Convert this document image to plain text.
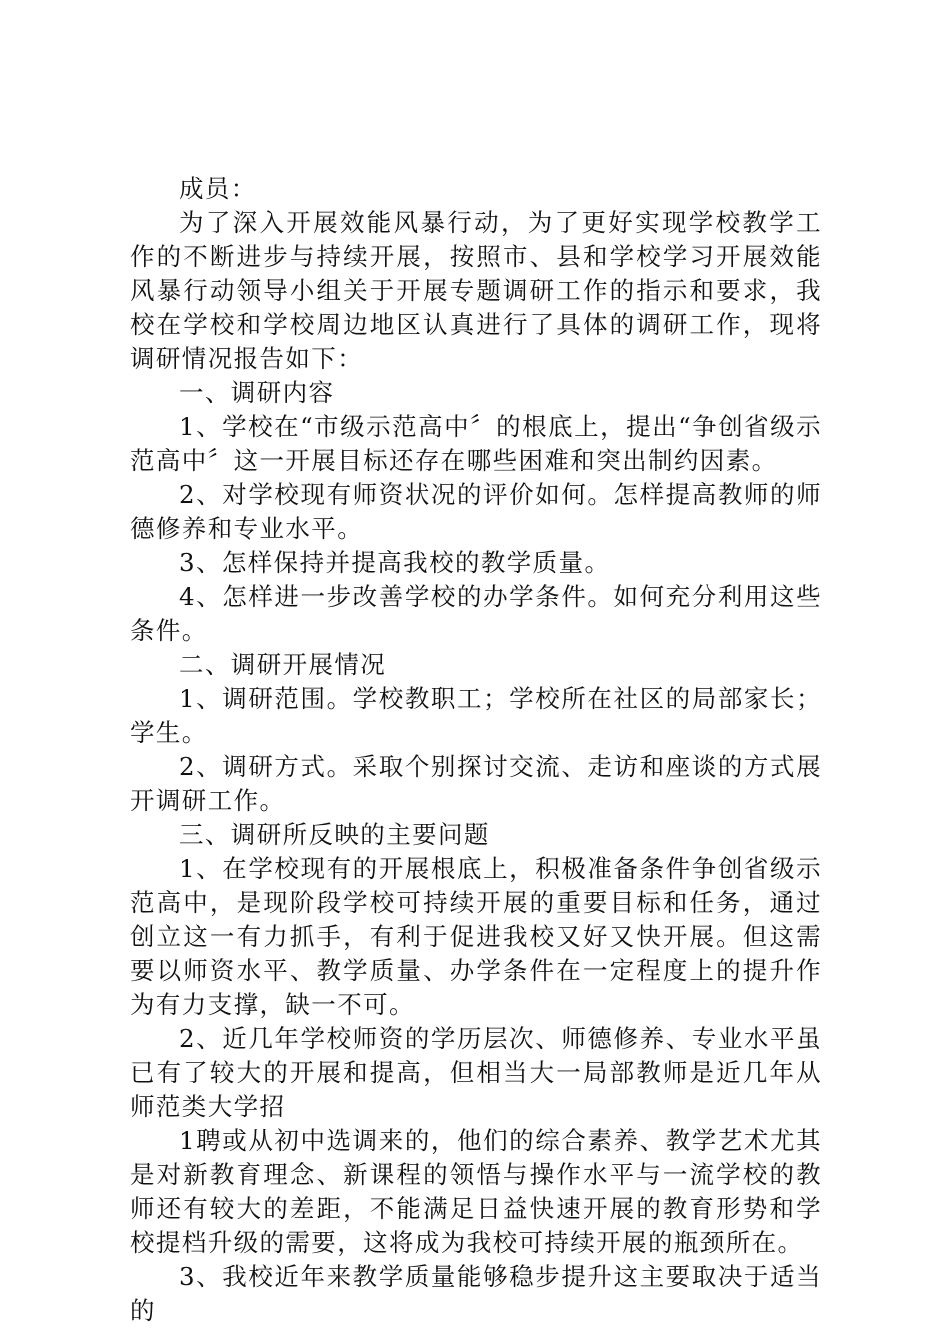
成员：

为了深入开展效能风暴行动，为了更好实现学校教学工作的不断进步与持续开展，按照市、县和学校学习开展效能风暴行动领导小组关于开展专题调研工作的指示和要求，我校在学校和学校周边地区认真进行了具体的调研工作，现将调研情况报告如下：

一、调研内容

1、学校在“市级示范高中〞的根底上，提出“争创省级示范高中〞这一开展目标还存在哪些困难和突出制约因素。

2、对学校现有师资状况的评价如何。怎样提高教师的师德修养和专业水平。

3、怎样保持并提高我校的教学质量。

4、怎样进一步改善学校的办学条件。如何充分利用这些条件。

二、调研开展情况

1、调研范围。学校教职工；学校所在社区的局部家长；学生。

2、调研方式。采取个别探讨交流、走访和座谈的方式展开调研工作。

三、调研所反映的主要问题

1、在学校现有的开展根底上，积极准备条件争创省级示范高中，是现阶段学校可持续开展的重要目标和任务，通过创立这一有力抓手，有利于促进我校又好又快开展。但这需要以师资水平、教学质量、办学条件在一定程度上的提升作为有力支撑，缺一不可。

2、近几年学校师资的学历层次、师德修养、专业水平虽已有了较大的开展和提高，但相当大一局部教师是近几年从师范类大学招

1聘或从初中选调来的，他们的综合素养、教学艺术尤其是对新教育理念、新课程的领悟与操作水平与一流学校的教师还有较大的差距，不能满足日益快速开展的教育形势和学校提档升级的需要，这将成为我校可持续开展的瓶颈所在。

3、我校近年来教学质量能够稳步提升这主要取决于适当的
